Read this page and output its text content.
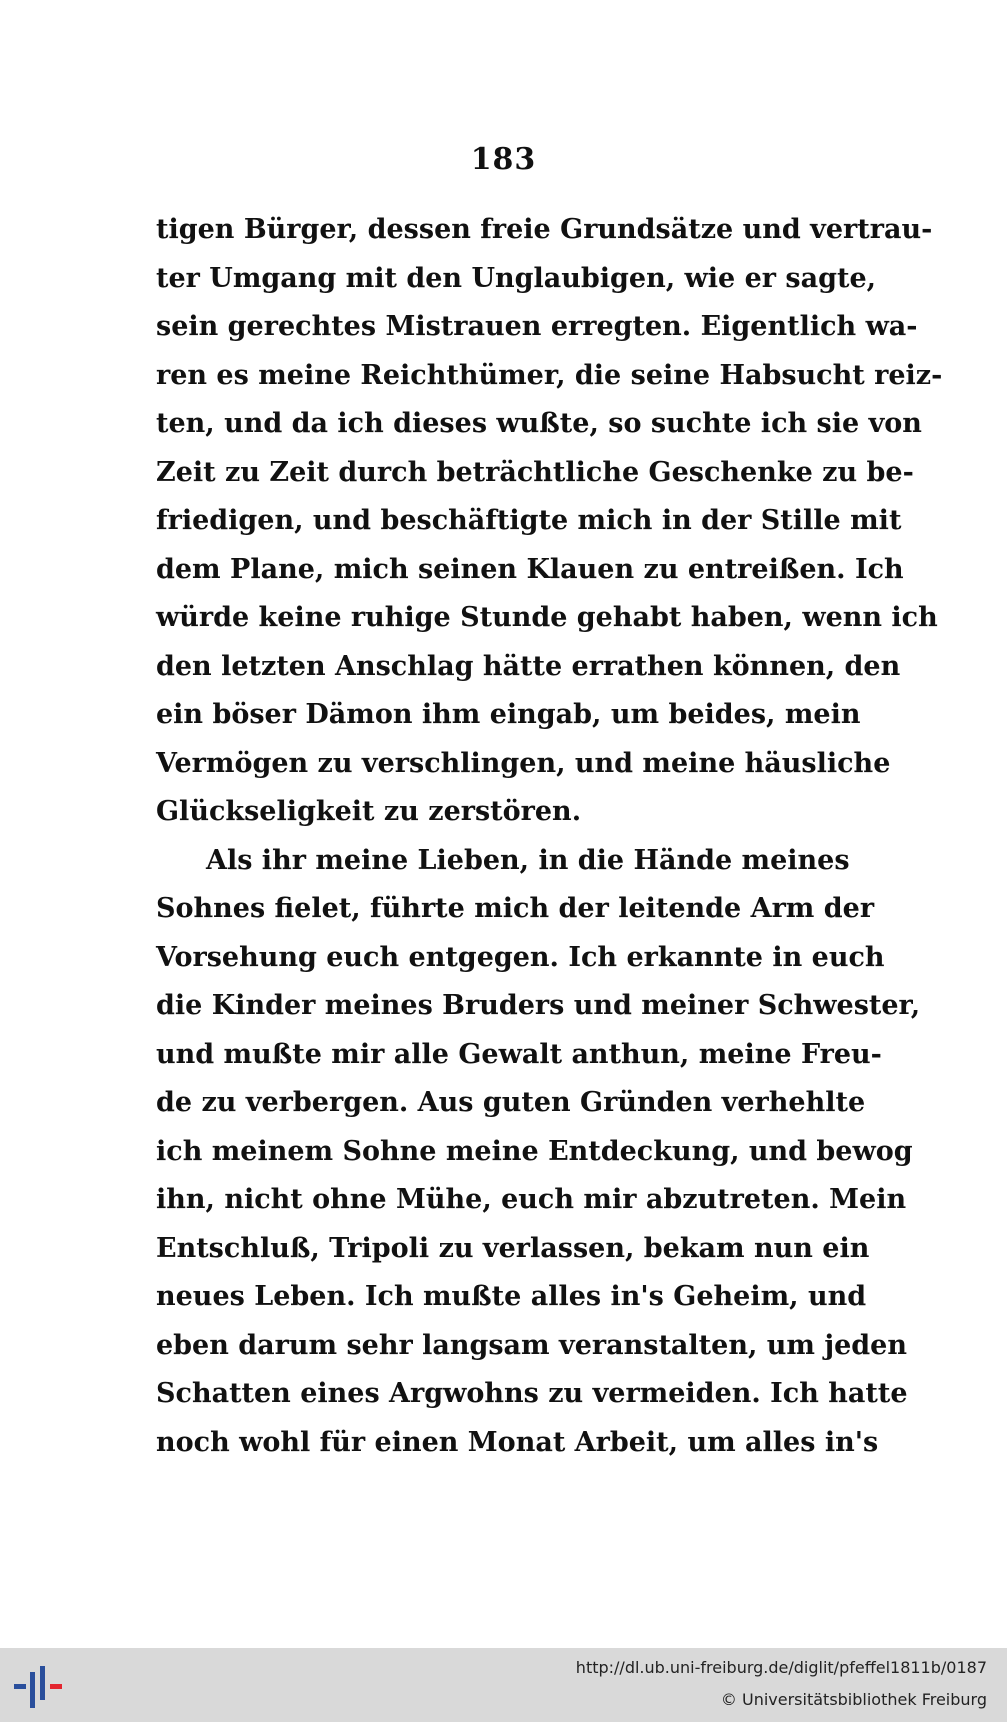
183
tigen Bürger, dessen freie Grundsätze und vertrau-
ter Umgang mit den Unglaubigen, wie er sagte,
sein gerechtes Mistrauen erregten. Eigentlich wa-
ren es meine Reichthümer, die seine Habsucht reiz-
ten, und da ich dieses wußte, so suchte ich sie von
Zeit zu Zeit durch beträchtliche Geschenke zu be-
friedigen, und beschäftigte mich in der Stille mit
dem Plane, mich seinen Klauen zu entreißen. Ich
würde keine ruhige Stunde gehabt haben, wenn ich
den letzten Anschlag hätte errathen können, den
ein böser Dämon ihm eingab, um beides, mein
Vermögen zu verschlingen, und meine häusliche
Glückseligkeit zu zerstören.
Als ihr meine Lieben, in die Hände meines
Sohnes fielet, führte mich der leitende Arm der
Vorsehung euch entgegen. Ich erkannte in euch
die Kinder meines Bruders und meiner Schwester,
und mußte mir alle Gewalt anthun, meine Freu-
de zu verbergen. Aus guten Gründen verhehlte
ich meinem Sohne meine Entdeckung, und bewog
ihn, nicht ohne Mühe, euch mir abzutreten. Mein
Entschluß, Tripoli zu verlassen, bekam nun ein
neues Leben. Ich mußte alles in's Geheim, und
eben darum sehr langsam veranstalten, um jeden
Schatten eines Argwohns zu vermeiden. Ich hatte
noch wohl für einen Monat Arbeit, um alles in's
http://dl.ub.uni-freiburg.de/diglit/pfeffel1811b/0187
© Universitätsbibliothek Freiburg
